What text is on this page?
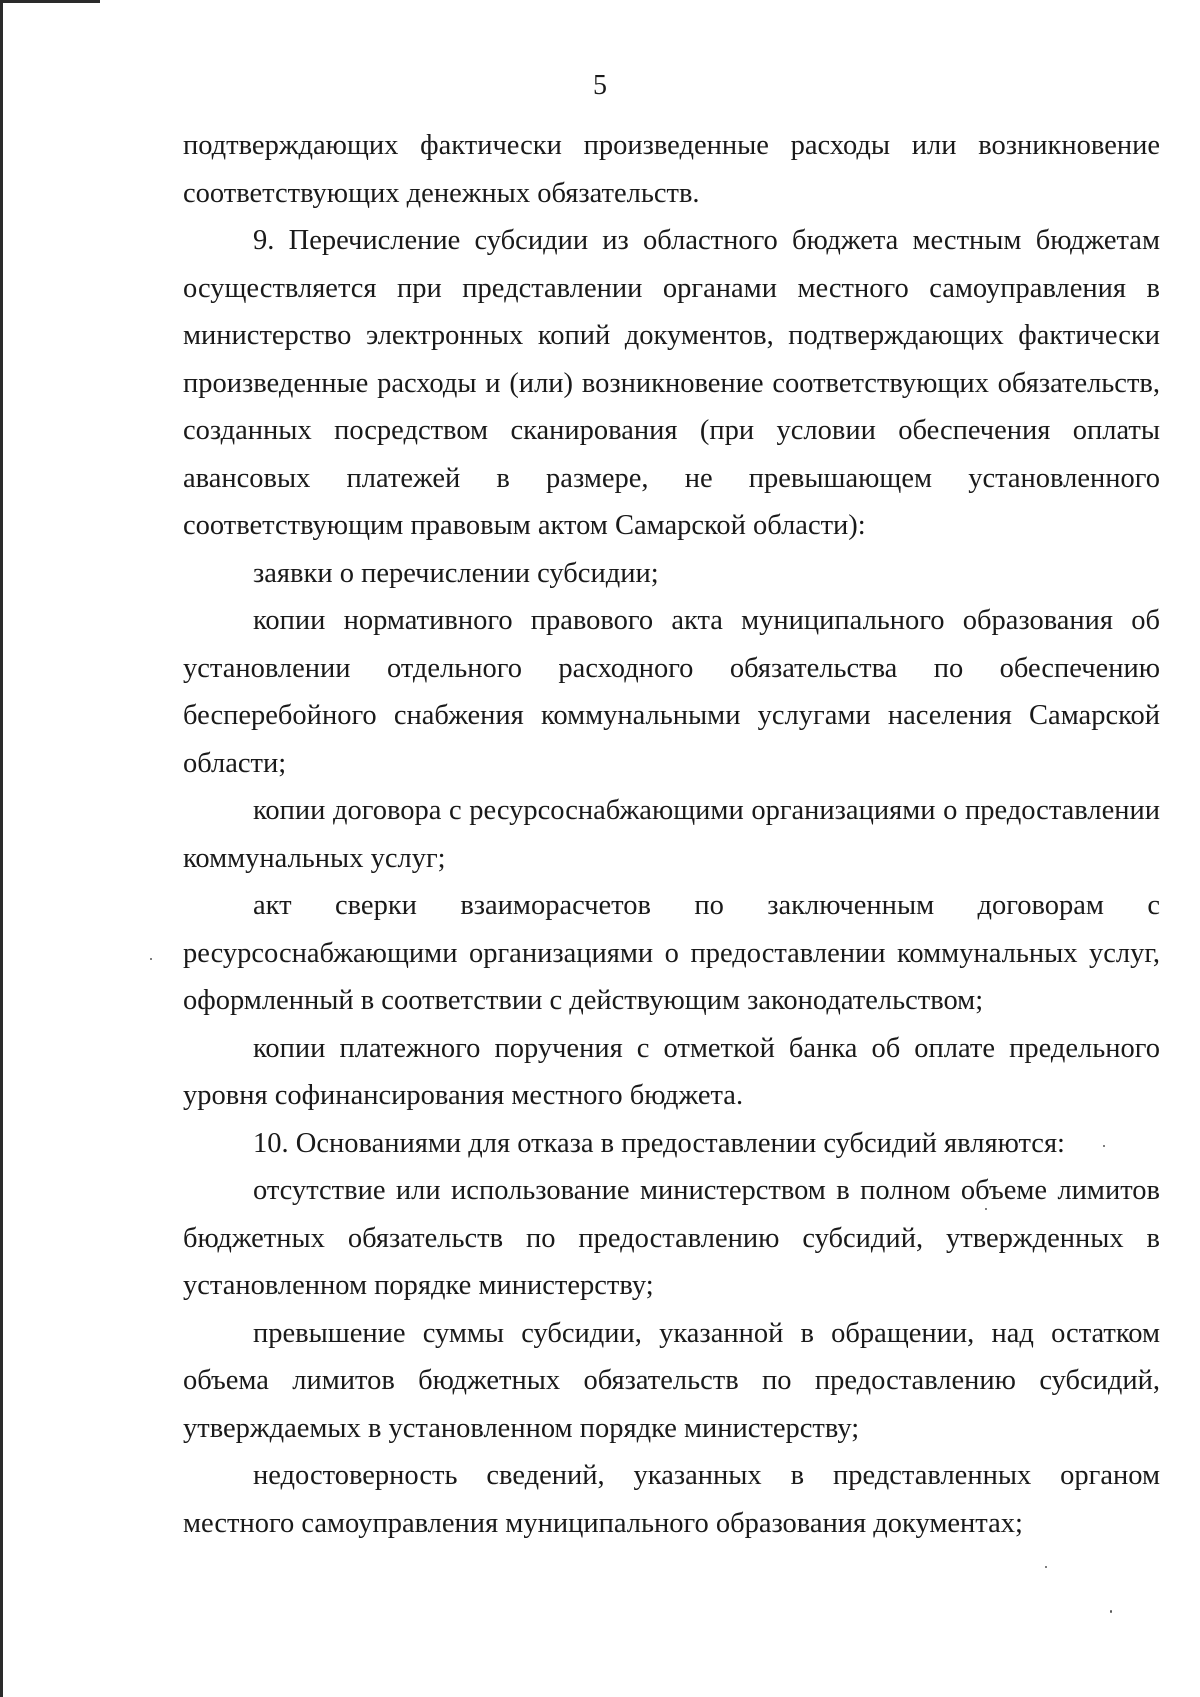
5

подтверждающих фактически произведенные расходы или возникновение соответствующих денежных обязательств.

9. Перечисление субсидии из областного бюджета местным бюджетам осуществляется при представлении органами местного самоуправления в министерство электронных копий документов, подтверждающих фактически произведенные расходы и (или) возникновение соответствующих обязательств, созданных посредством сканирования (при условии обеспечения оплаты авансовых платежей в размере, не превышающем установленного соответствующим правовым актом Самарской области):

заявки о перечислении субсидии;

копии нормативного правового акта муниципального образования об установлении отдельного расходного обязательства по обеспечению бесперебойного снабжения коммунальными услугами населения Самарской области;

копии договора с ресурсоснабжающими организациями о предоставлении коммунальных услуг;

акт сверки взаиморасчетов по заключенным договорам с ресурсоснабжающими организациями о предоставлении коммунальных услуг, оформленный в соответствии с действующим законодательством;

копии платежного поручения с отметкой банка об оплате предельного уровня софинансирования местного бюджета.

10. Основаниями для отказа в предоставлении субсидий являются:

отсутствие или использование министерством в полном объеме лимитов бюджетных обязательств по предоставлению субсидий, утвержденных в установленном порядке министерству;

превышение суммы субсидии, указанной в обращении, над остатком объема лимитов бюджетных обязательств по предоставлению субсидий, утверждаемых в установленном порядке министерству;

недостоверность сведений, указанных в представленных органом местного самоуправления муниципального образования документах;
